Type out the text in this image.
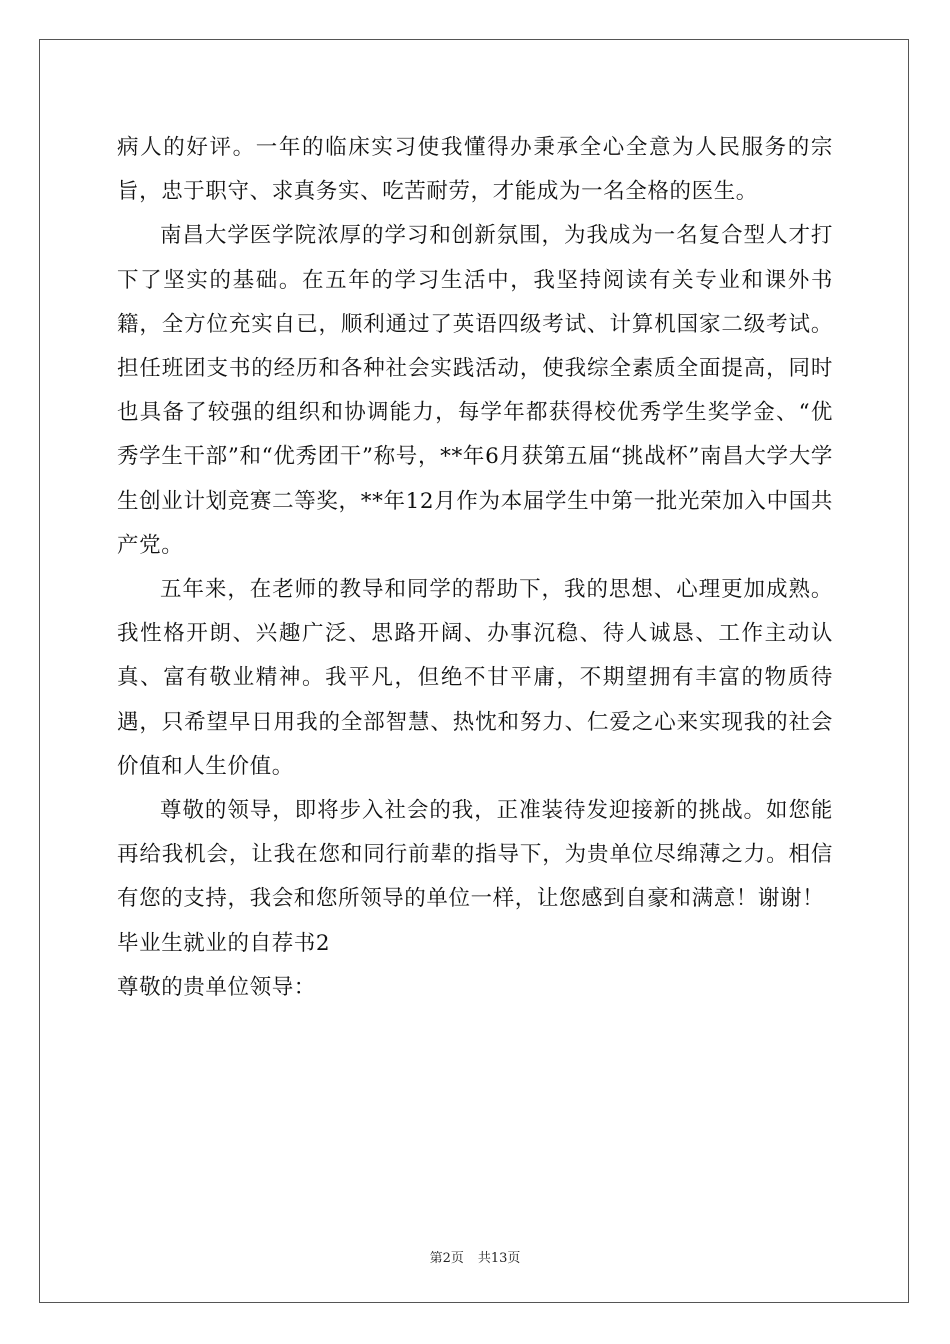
病人的好评。一年的临床实习使我懂得办秉承全心全意为人民服务的宗旨，忠于职守、求真务实、吃苦耐劳，才能成为一名全格的医生。

南昌大学医学院浓厚的学习和创新氛围，为我成为一名复合型人才打下了坚实的基础。在五年的学习生活中，我坚持阅读有关专业和课外书籍，全方位充实自已，顺利通过了英语四级考试、计算机国家二级考试。担任班团支书的经历和各种社会实践活动，使我综全素质全面提高，同时也具备了较强的组织和协调能力，每学年都获得校优秀学生奖学金、“优秀学生干部”和“优秀团干”称号，**年6月获第五届“挑战杯”南昌大学大学生创业计划竞赛二等奖，**年12月作为本届学生中第一批光荣加入中国共产党。

五年来，在老师的教导和同学的帮助下，我的思想、心理更加成熟。我性格开朗、兴趣广泛、思路开阔、办事沉稳、待人诚恳、工作主动认真、富有敬业精神。我平凡，但绝不甘平庸，不期望拥有丰富的物质待遇，只希望早日用我的全部智慧、热忱和努力、仁爱之心来实现我的社会价值和人生价值。

尊敬的领导，即将步入社会的我，正准装待发迎接新的挑战。如您能再给我机会，让我在您和同行前辈的指导下，为贵单位尽绵薄之力。相信有您的支持，我会和您所领导的单位一样，让您感到自豪和满意！谢谢！

毕业生就业的自荐书2

尊敬的贵单位领导：

第2页 共13页
